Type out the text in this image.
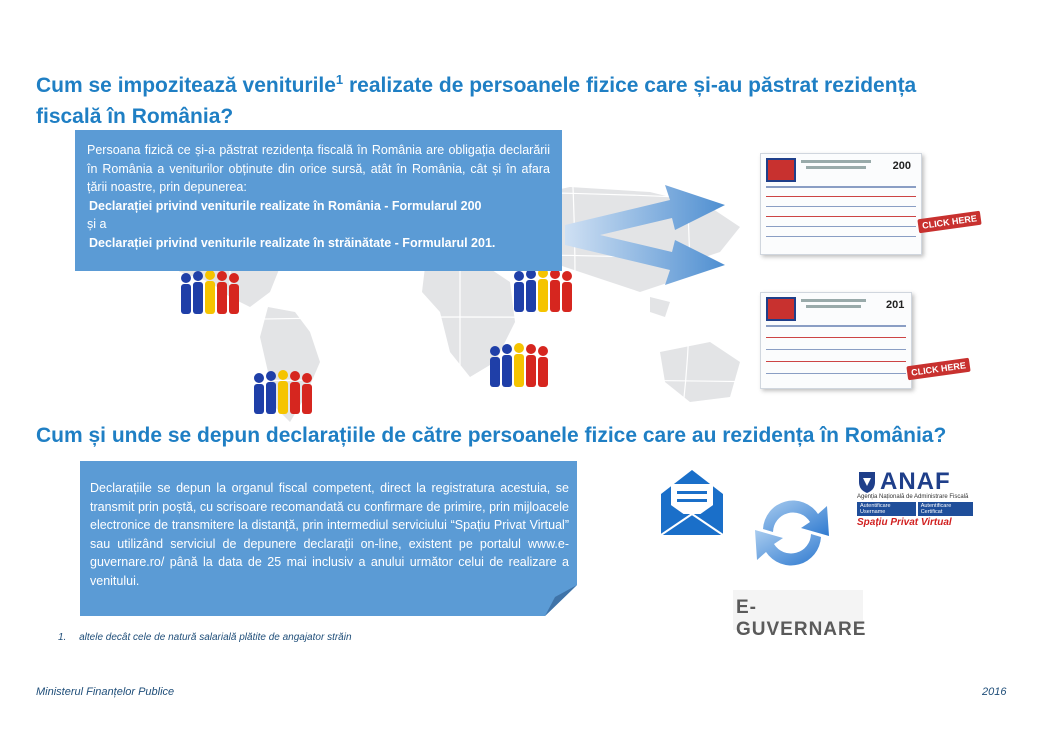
Cum se impozitează veniturile$^1$ realizate de persoanele fizice care și-au păstrat rezidența
fiscală în România?
200
CLICK HERE
201
CLICK HERE

Persoana fizică ce și-a păstrat rezidența fiscală în România are obligația declarării în România a veniturilor obținute din orice sursă, atât în România, cât și în afara țării noastre, prin depunerea:

Declarației privind veniturile realizate în România - Formularul 200

și a

Declarației privind veniturile realizate în străinătate - Formularul 201.

Cum și unde se depun declarațiile de către persoanele fizice care au rezidența în România?

Declarațiile se depun la organul fiscal competent, direct la registratura acestuia, se transmit prin poștă, cu scrisoare recomandată cu confirmare de primire, prin mijloacele electronice de transmitere la distanță, prin intermediul serviciului “Spațiu Privat Virtual” sau utilizând serviciul de depunere declarații on-line, existent pe portalul www.e-guvernare.ro/ până la data de 25 mai inclusiv a anului următor celui de realizare a venitului.

ANAF
Agenția Națională de Administrare Fiscală
Autentificare Username
Autentificare Certificat
Spațiu Privat Virtual
E-GUVERNARE
1. altele decât cele de natură salarială plătite de angajator străin
Ministerul Finanțelor Publice	2016
